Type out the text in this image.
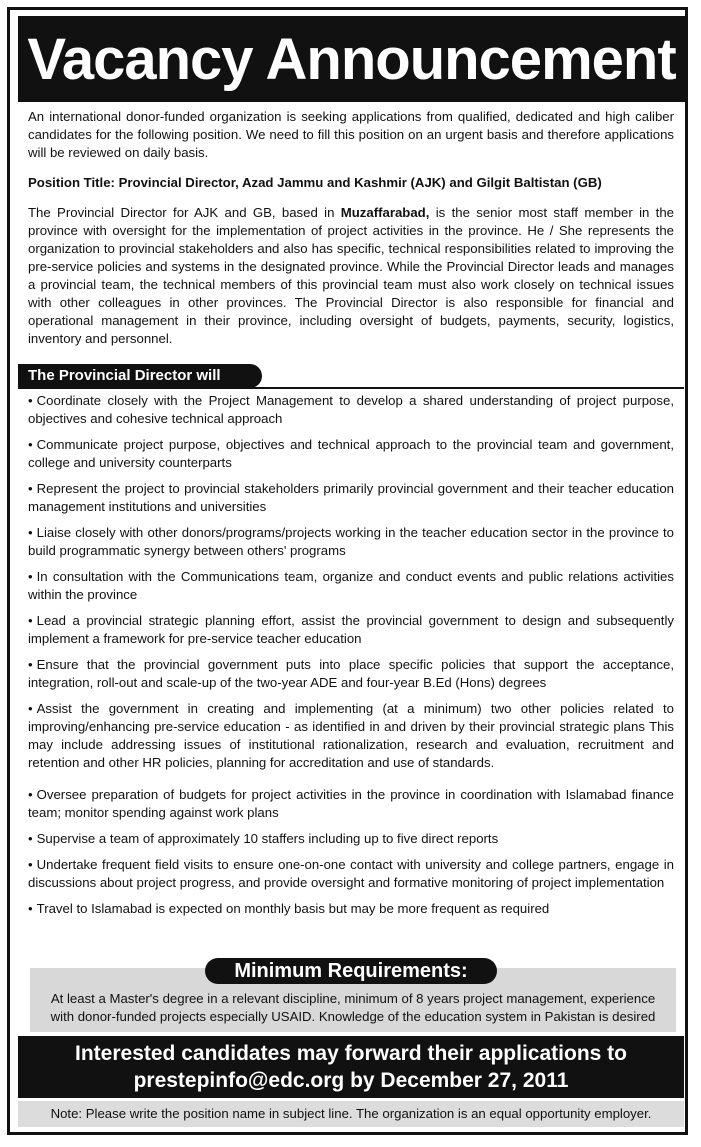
Vacancy Announcement

An international donor-funded organization is seeking applications from qualified, dedicated and high caliber candidates for the following position. We need to fill this position on an urgent basis and therefore applications will be reviewed on daily basis.

Position Title: Provincial Director, Azad Jammu and Kashmir (AJK) and Gilgit Baltistan (GB)

The Provincial Director for AJK and GB, based in Muzaffarabad, is the senior most staff member in the province with oversight for the implementation of project activities in the province. He / She represents the organization to provincial stakeholders and also has specific, technical responsibilities related to improving the pre-service policies and systems in the designated province. While the Provincial Director leads and manages a provincial team, the technical members of this provincial team must also work closely on technical issues with other colleagues in other provinces. The Provincial Director is also responsible for financial and operational management in their province, including oversight of budgets, payments, security, logistics, inventory and personnel.

The Provincial Director will

• Coordinate closely with the Project Management to develop a shared understanding of project purpose, objectives and cohesive technical approach

• Communicate project purpose, objectives and technical approach to the provincial team and government, college and university counterparts

• Represent the project to provincial stakeholders primarily provincial government and their teacher education management institutions and universities

• Liaise closely with other donors/programs/projects working in the teacher education sector in the province to build programmatic synergy between others' programs

• In consultation with the Communications team, organize and conduct events and public relations activities within the province

• Lead a provincial strategic planning effort, assist the provincial government to design and subsequently implement a framework for pre-service teacher education

• Ensure that the provincial government puts into place specific policies that support the acceptance, integration, roll-out and scale-up of the two-year ADE and four-year B.Ed (Hons) degrees

• Assist the government in creating and implementing (at a minimum) two other policies related to improving/enhancing pre-service education - as identified in and driven by their provincial strategic plans This may include addressing issues of institutional rationalization, research and evaluation, recruitment and retention and other HR policies, planning for accreditation and use of standards.

• Oversee preparation of budgets for project activities in the province in coordination with Islamabad finance team; monitor spending against work plans

• Supervise a team of approximately 10 staffers including up to five direct reports

• Undertake frequent field visits to ensure one-on-one contact with university and college partners, engage in discussions about project progress, and provide oversight and formative monitoring of project implementation

• Travel to Islamabad is expected on monthly basis but may be more frequent as required

Minimum Requirements:
At least a Master's degree in a relevant discipline, minimum of 8 years project management, experience with donor-funded projects especially USAID. Knowledge of the education system in Pakistan is desired
Interested candidates may forward their applications to
prestepinfo@edc.org by December 27, 2011
Note: Please write the position name in subject line. The organization is an equal opportunity employer.
